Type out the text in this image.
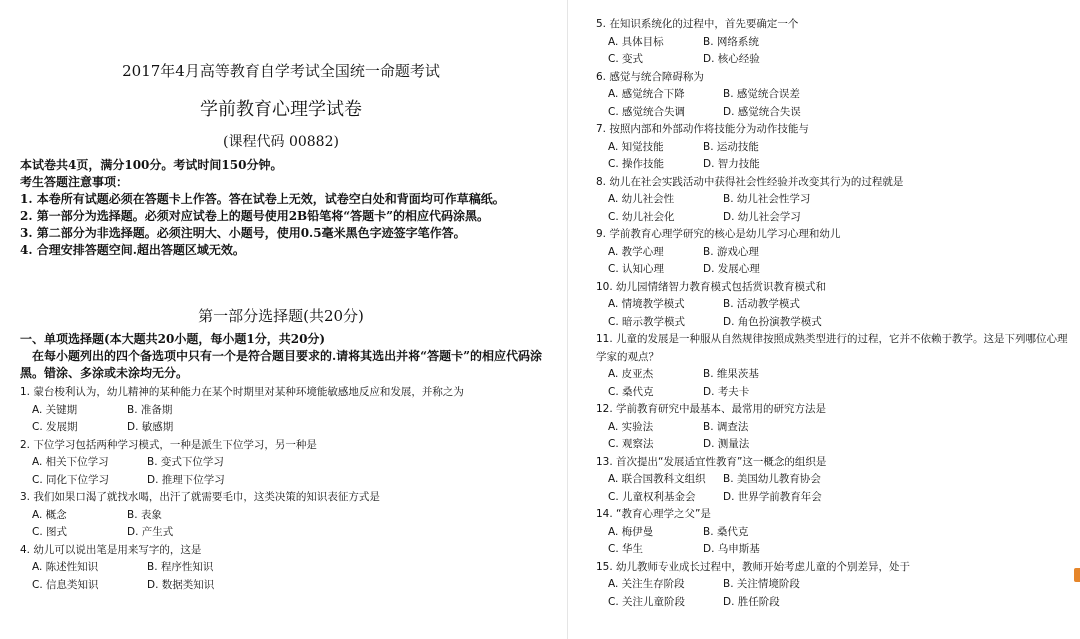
2017年4月高等教育自学考试全国统一命题考试
学前教育心理学试卷
(课程代码 00882)
本试卷共4页，满分100分。考试时间150分钟。
考生答题注意事项：
1. 本卷所有试题必须在答题卡上作答。答在试卷上无效，试卷空白处和背面均可作草稿纸。
2. 第一部分为选择题。必须对应试卷上的题号使用2B铅笔将“答题卡”的相应代码涂黑。
3. 第二部分为非选择题。必须注明大、小题号，使用0.5毫米黑色字迹签字笔作答。
4. 合理安排答题空间.超出答题区域无效。
第一部分选择题(共20分)
一、单项选择题(本大题共20小题，每小题1分，共20分)
在每小题列出的四个备选项中只有一个是符合题目要求的.请将其选出并将“答题卡”的相应代码涂黑。错涂、多涂或未涂均无分。
1. 蒙台梭利认为，幼儿精神的某种能力在某个时期里对某种环境能敏感地反应和发展，并称之为
A. 关键期	B. 准备期
C. 发展期	D. 敏感期
2. 下位学习包括两种学习模式，一种是派生下位学习，另一种是
A. 相关下位学习	B. 变式下位学习
C. 同化下位学习	D. 推理下位学习
3. 我们如果口渴了就找水喝，出汗了就需要毛巾，这类决策的知识表征方式是
A. 概念	B. 表象
C. 图式	D. 产生式
4. 幼儿可以说出笔是用来写字的，这是
A. 陈述性知识	B. 程序性知识
C. 信息类知识	D. 数据类知识
5. 在知识系统化的过程中，首先要确定一个
A. 具体目标	B. 网络系统
C. 变式	D. 核心经验
6. 感觉与统合障碍称为
A. 感觉统合下降	B. 感觉统合误差
C. 感觉统合失调	D. 感觉统合失误
7. 按照内部和外部动作将技能分为动作技能与
A. 知觉技能	B. 运动技能
C. 操作技能	D. 智力技能
8. 幼儿在社会实践活动中获得社会性经验并改变其行为的过程就是
A. 幼儿社会性	B. 幼儿社会性学习
C. 幼儿社会化	D. 幼儿社会学习
9. 学前教育心理学研究的核心是幼儿学习心理和幼儿
A. 教学心理	B. 游戏心理
C. 认知心理	D. 发展心理
10. 幼儿园情绪智力教育模式包括赏识教育模式和
A. 情境教学模式	B. 活动教学模式
C. 暗示教学模式	D. 角色扮演教学模式
11. 儿童的发展是一种服从自然规律按照成熟类型进行的过程，它并不依赖于教学。这是下列哪位心理学家的观点？
A. 皮亚杰	B. 维果茨基
C. 桑代克	D. 考夫卡
12. 学前教育研究中最基本、最常用的研究方法是
A. 实验法	B. 调查法
C. 观察法	D. 测量法
13. 首次提出“发展适宜性教育”这一概念的组织是
A. 联合国教科文组织 B. 美国幼儿教育协会
C. 儿童权利基金会	D. 世界学前教育年会
14. “教育心理学之父”是
A. 梅伊曼	B. 桑代克
C. 华生	D. 乌申斯基
15. 幼儿教师专业成长过程中，教师开始考虑儿童的个别差异，处于
A. 关注生存阶段	B. 关注情境阶段
C. 关注儿童阶段	D. 胜任阶段
